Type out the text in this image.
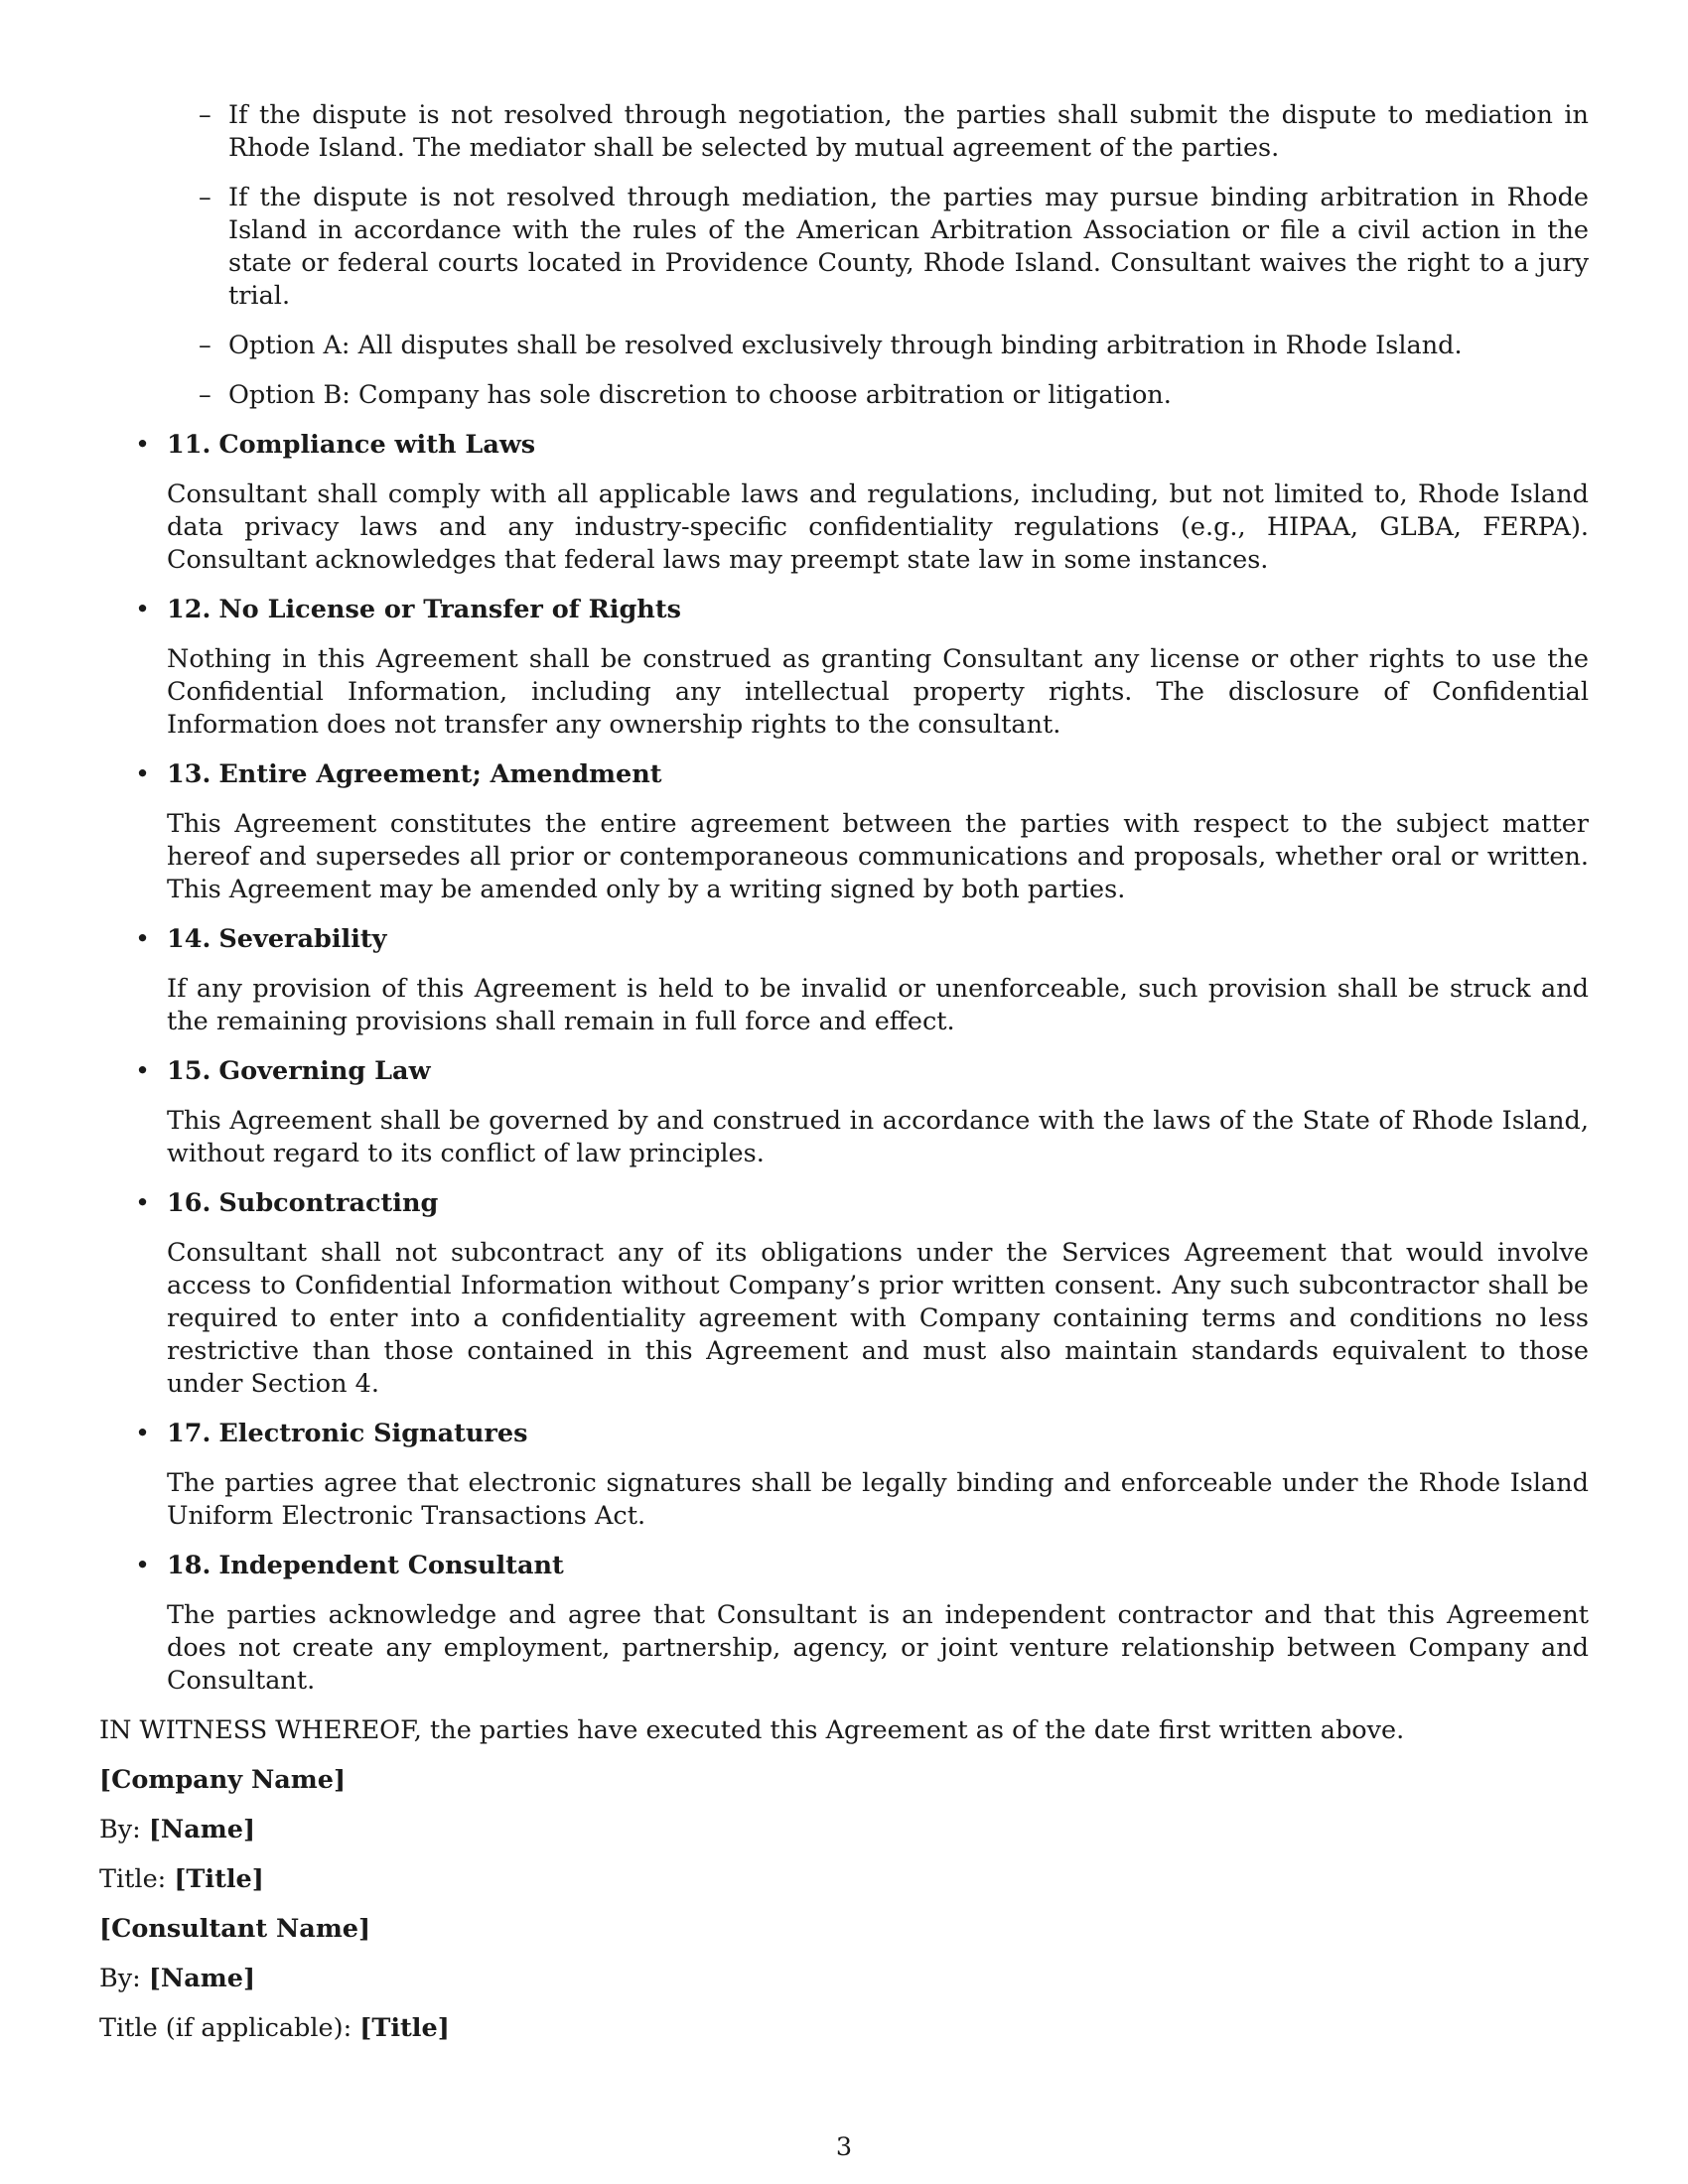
– If the dispute is not resolved through negotiation, the parties shall submit the dispute to mediation in Rhode Island. The mediator shall be selected by mutual agreement of the parties.
– If the dispute is not resolved through mediation, the parties may pursue binding arbitration in Rhode Island in accordance with the rules of the American Arbitration Association or file a civil action in the state or federal courts located in Providence County, Rhode Island. Consultant waives the right to a jury trial.
– Option A: All disputes shall be resolved exclusively through binding arbitration in Rhode Island.
– Option B: Company has sole discretion to choose arbitration or litigation.
• 11. Compliance with Laws

Consultant shall comply with all applicable laws and regulations, including, but not limited to, Rhode Island data privacy laws and any industry-specific confidentiality regulations (e.g., HIPAA, GLBA, FERPA). Consultant acknowledges that federal laws may preempt state law in some instances.

• 12. No License or Transfer of Rights

Nothing in this Agreement shall be construed as granting Consultant any license or other rights to use the Confidential Information, including any intellectual property rights. The disclosure of Confidential Information does not transfer any ownership rights to the consultant.

• 13. Entire Agreement; Amendment

This Agreement constitutes the entire agreement between the parties with respect to the subject matter hereof and supersedes all prior or contemporaneous communications and proposals, whether oral or written. This Agreement may be amended only by a writing signed by both parties.

• 14. Severability

If any provision of this Agreement is held to be invalid or unenforceable, such provision shall be struck and the remaining provisions shall remain in full force and effect.

• 15. Governing Law

This Agreement shall be governed by and construed in accordance with the laws of the State of Rhode Island, without regard to its conflict of law principles.

• 16. Subcontracting

Consultant shall not subcontract any of its obligations under the Services Agreement that would involve access to Confidential Information without Company’s prior written consent. Any such subcontractor shall be required to enter into a confidentiality agreement with Company containing terms and conditions no less restrictive than those contained in this Agreement and must also maintain standards equivalent to those under Section 4.

• 17. Electronic Signatures

The parties agree that electronic signatures shall be legally binding and enforceable under the Rhode Island Uniform Electronic Transactions Act.

• 18. Independent Consultant

The parties acknowledge and agree that Consultant is an independent contractor and that this Agreement does not create any employment, partnership, agency, or joint venture relationship between Company and Consultant.

IN WITNESS WHEREOF, the parties have executed this Agreement as of the date first written above.

[Company Name]

By: [Name]

Title: [Title]

[Consultant Name]

By: [Name]

Title (if applicable): [Title]

3
